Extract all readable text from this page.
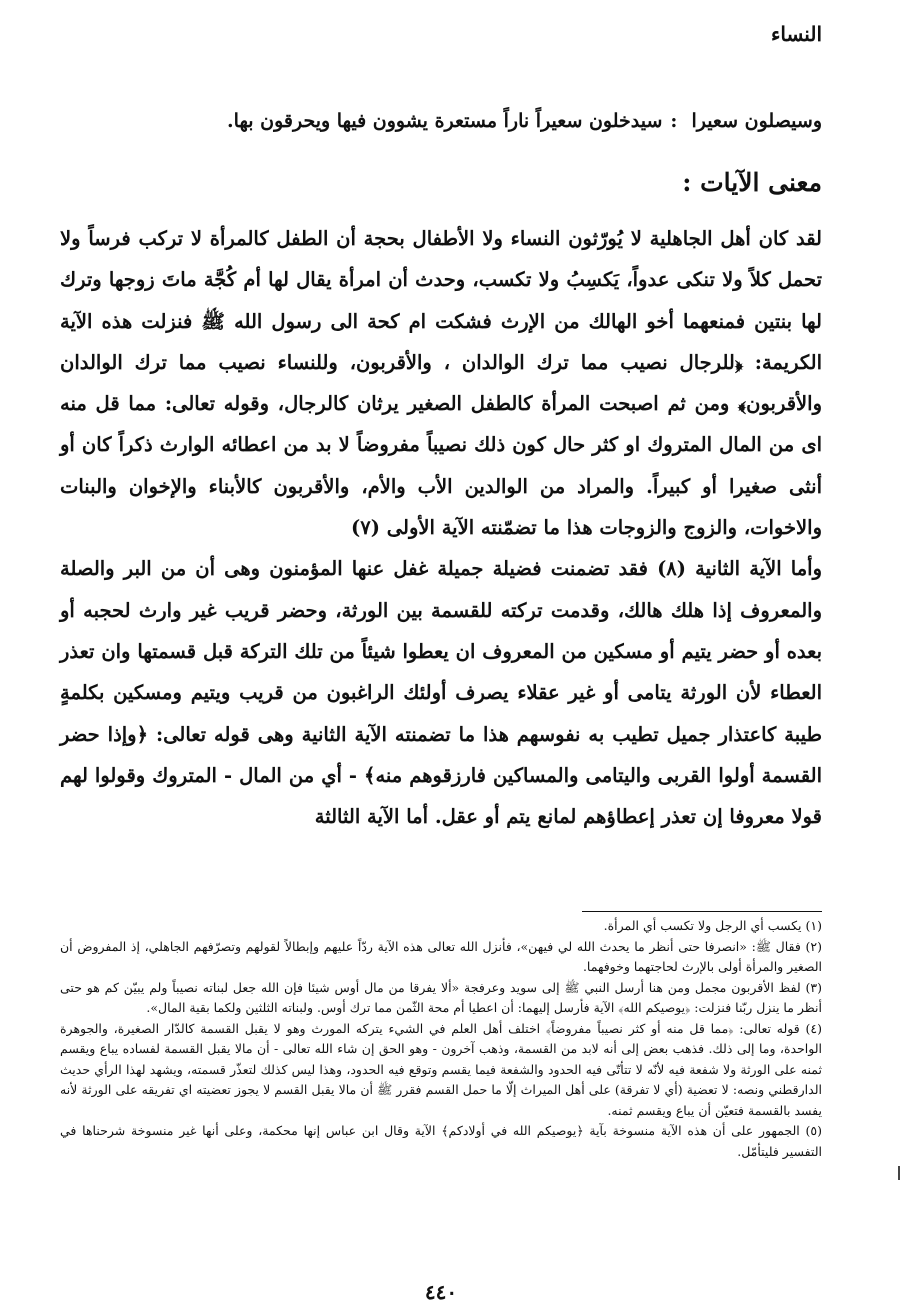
النساء
وسيصلون سعيرا:سيدخلون سعيراً ناراً مستعرة يشوون فيها ويحرقون بها.
معنى الآيات :
لقد كان أهل الجاهلية لا يُورّثون النساء ولا الأطفال بحجة أن الطفل كالمرأة لا تركب فرساً ولا تحمل كلاً ولا تنكى عدواً، يَكسِبُ ولا تكسب، وحدث أن امرأة يقال لها أم كُجَّة ماتَ زوجها وترك لها بنتين فمنعهما أخو الهالك من الإرث فشكت ام كحة الى رسول الله ﷺ فنزلت هذه الآية الكريمة: ﴿للرجال نصيب مما ترك الوالدان ، والأقربون، وللنساء نصيب مما ترك الوالدان والأقربون﴾ ومن ثم اصبحت المرأة كالطفل الصغير يرثان كالرجال، وقوله تعالى: مما قل منه اى من المال المتروك او كثر حال كون ذلك نصيباً مفروضاً لا بد من اعطائه الوارث ذكراً كان أو أنثى صغيرا أو كبيراً. والمراد من الوالدين الأب والأم، والأقربون كالأبناء والإخوان والبنات والاخوات، والزوج والزوجات هذا ما تضمّنته الآية الأولى (٧)
وأما الآية الثانية (٨) فقد تضمنت فضيلة جميلة غفل عنها المؤمنون وهى أن من البر والصلة والمعروف إذا هلك هالك، وقدمت تركته للقسمة بين الورثة، وحضر قريب غير وارث لحجبه أو بعده أو حضر يتيم أو مسكين من المعروف ان يعطوا شيئاً من تلك التركة قبل قسمتها وان تعذر العطاء لأن الورثة يتامى أو غير عقلاء يصرف أولئك الراغبون من قريب ويتيم ومسكين بكلمةٍ طيبة كاعتذار جميل تطيب به نفوسهم هذا ما تضمنته الآية الثانية وهى قوله تعالى: ﴿وإذا حضر القسمة أولوا القربى واليتامى والمساكين فارزقوهم منه﴾ - أي من المال - المتروك وقولوا لهم قولا معروفا إن تعذر إعطاؤهم لمانع يتم أو عقل. أما الآية الثالثة

(١) يكسب أي الرجل ولا تكسب أي المرأة.

(٢) فقال ﷺ: «انصرفا حتى أنظر ما يحدث الله لي فيهن»، فأنزل الله تعالى هذه الآية ردّاً عليهم وإبطالاً لقولهم وتصرّفهم الجاهلي، إذ المفروض أن الصغير والمرأة أولى بالإرث لحاجتهما وخوفهما.

(٣) لفظ الأقربون مجمل ومن هنا أرسل النبي ﷺ إلى سويد وعرفجة «ألا يفرقا من مال أوس شيئا فإن الله جعل لبناته نصيباً ولم يبيّن كم هو حتى أنظر ما ينزل ربّنا فنزلت: ﴿يوصيكم الله﴾ الآية فأرسل إليهما: أن اعطيا أم محة الثّمن مما ترك أوس. ولبناته الثلثين ولكما بقية المال».

(٤) قوله تعالى: ﴿مما قل منه أو كثر نصيباً مفروضاً﴾ اختلف أهل العلم في الشيء يتركه المورث وهو لا يقبل القسمة كالدّار الصغيرة، والجوهرة الواحدة، وما إلى ذلك. فذهب بعض إلى أنه لابد من القسمة، وذهب آخرون - وهو الحق إن شاء الله تعالى - أن مالا يقبل القسمة لفساده يباع ويقسم ثمنه على الورثة ولا شفعة فيه لأنّه لا تتأتّى فيه الحدود والشفعة فيما يقسم وتوقع فيه الحدود، وهذا ليس كذلك لتعذّر قسمته، ويشهد لهذا الرأي حديث الدارقطني ونصه: لا تعضية (أي لا تفرقة) على أهل الميراث إلّا ما حمل القسم فقرر ﷺ أن مالا يقبل القسم لا يجوز تعضيته اي تفريقه على الورثة لأنه يفسد بالقسمة فتعيّن أن يباع ويقسم ثمنه.

(٥) الجمهور على أن هذه الآية منسوخة بآية ﴿يوصيكم الله في أولادكم﴾ الآية وقال ابن عباس إنها محكمة، وعلى أنها غير منسوخة شرحناها في التفسير فليتأمّل.

٤٤٠
